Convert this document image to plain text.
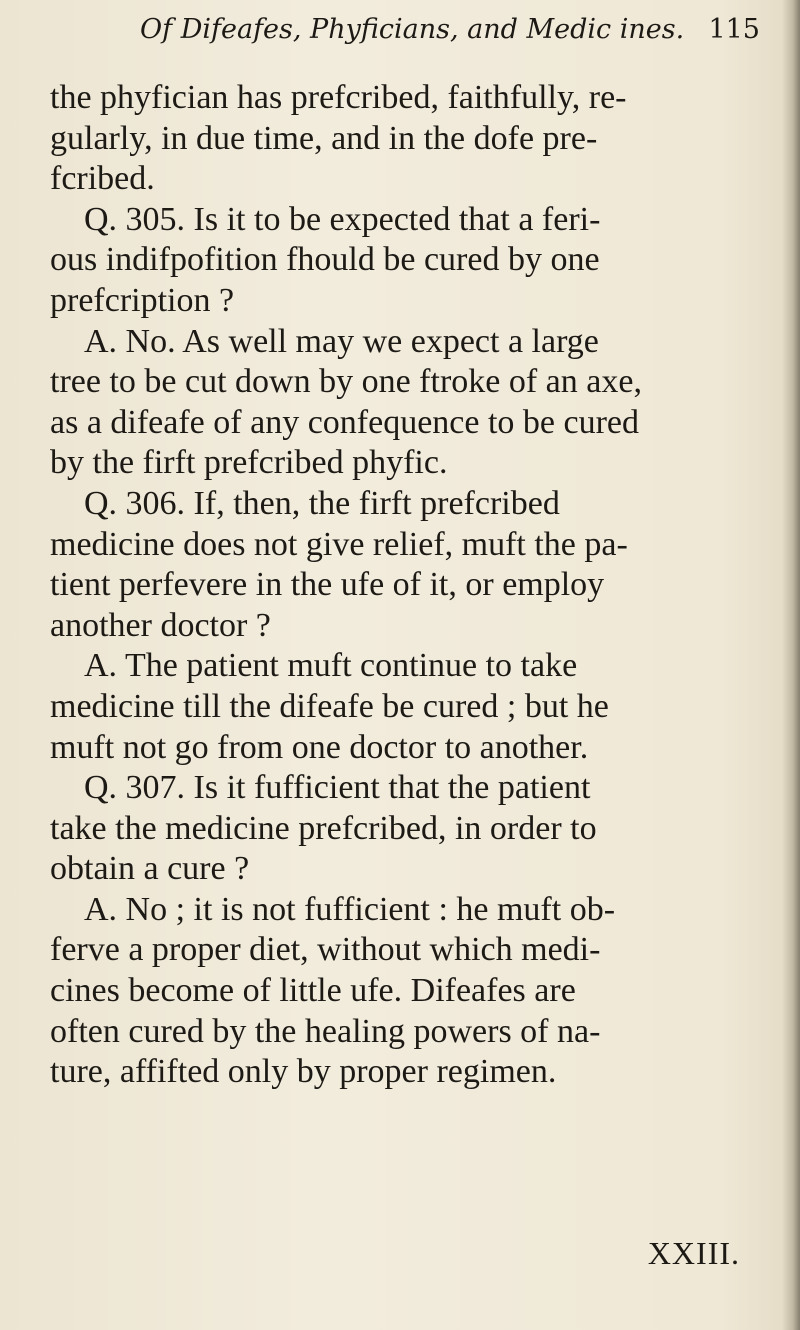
Of Difeafes, Phyficians, and Medic ines. 115
the phyfician has prefcribed, faithfully, re-
gularly, in due time, and in the dofe pre-
fcribed.
Q. 305. Is it to be expected that a feri-
ous indifpofition fhould be cured by one
prefcription ?
A. No. As well may we expect a large
tree to be cut down by one ftroke of an axe,
as a difeafe of any confequence to be cured
by the firft prefcribed phyfic.
Q. 306. If, then, the firft prefcribed
medicine does not give relief, muft the pa-
tient perfevere in the ufe of it, or employ
another doctor ?
A. The patient muft continue to take
medicine till the difeafe be cured ; but he
muft not go from one doctor to another.
Q. 307. Is it fufficient that the patient
take the medicine prefcribed, in order to
obtain a cure ?
A. No ; it is not fufficient : he muft ob-
ferve a proper diet, without which medi-
cines become of little ufe. Difeafes are
often cured by the healing powers of na-
ture, affifted only by proper regimen.
XXIII.
